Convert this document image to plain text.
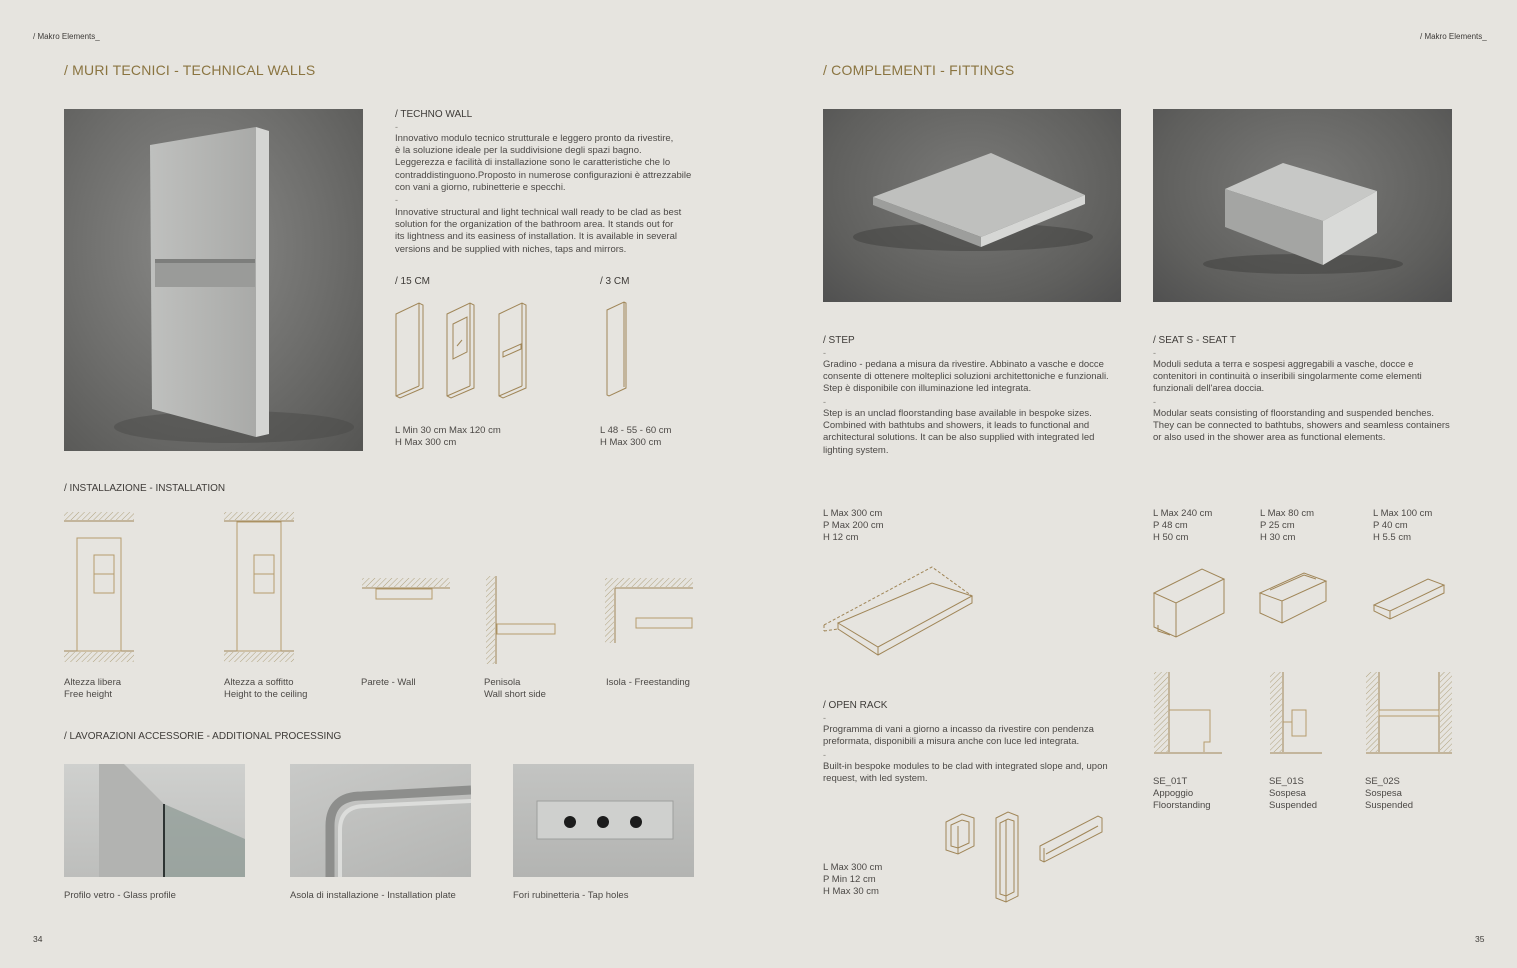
/ Makro Elements_	/ Makro Elements_
/ MURI TECNICI - TECHNICAL WALLS	/ COMPLEMENTI - FITTINGS
/ TECHNO WALL
-
Innovativo modulo tecnico strutturale e leggero pronto da rivestire,
è la soluzione ideale per la suddivisione degli spazi bagno.
Leggerezza e facilità di installazione sono le caratteristiche che lo
contraddistinguono.Proposto in numerose configurazioni è attrezzabile
con vani a giorno, rubinetterie e specchi.
-
Innovative structural and light technical wall ready to be clad as best
solution for the organization of the bathroom area. It stands out for
its lightness and its easiness of installation. It is available in several
versions and be supplied with niches, taps and mirrors.
/ 15 CM	/ 3 CM
L Min 30 cm Max 120 cm
H Max 300 cm
L 48 - 55 - 60 cm
H Max 300 cm
/ INSTALLAZIONE - INSTALLATION
Altezza libera
Free height
Altezza a soffitto
Height to the ceiling
Parete - Wall	Penisola
Wall short side
Isola - Freestanding
/ LAVORAZIONI ACCESSORIE - ADDITIONAL PROCESSING
Profilo vetro - Glass profile	Asola di installazione - Installation plate	Fori rubinetteria - Tap holes
34
/ STEP
-
Gradino - pedana a misura da rivestire. Abbinato a vasche e docce
consente di ottenere molteplici soluzioni architettoniche e funzionali.
Step è disponibile con illuminazione led integrata.
-
Step is an unclad floorstanding base available in bespoke sizes.
Combined with bathtubs and showers, it leads to functional and
architectural solutions. It can be also supplied with integrated led
lighting system.
/ SEAT S - SEAT T
-
Moduli seduta a terra e sospesi aggregabili a vasche, docce e
contenitori in continuità o inseribili singolarmente come elementi
funzionali dell'area doccia.
-
Modular seats consisting of floorstanding and suspended benches.
They can be connected to bathtubs, showers and seamless containers
or also used in the shower area as functional elements.
L Max 300 cm
P Max 200 cm
H 12 cm
L Max 240 cm
P 48 cm
H 50 cm
L Max 80 cm
P 25 cm
H 30 cm
L Max 100 cm
P 40 cm
H 5.5 cm
SE_01T
Appoggio
Floorstanding
SE_01S
Sospesa
Suspended
SE_02S
Sospesa
Suspended
/ OPEN RACK
-
Programma di vani a giorno a incasso da rivestire con pendenza
preformata, disponibili a misura anche con luce led integrata.
-
Built-in bespoke modules to be clad with integrated slope and, upon
request, with led system.
L Max 300 cm
P Min 12 cm
H Max 30 cm
35
